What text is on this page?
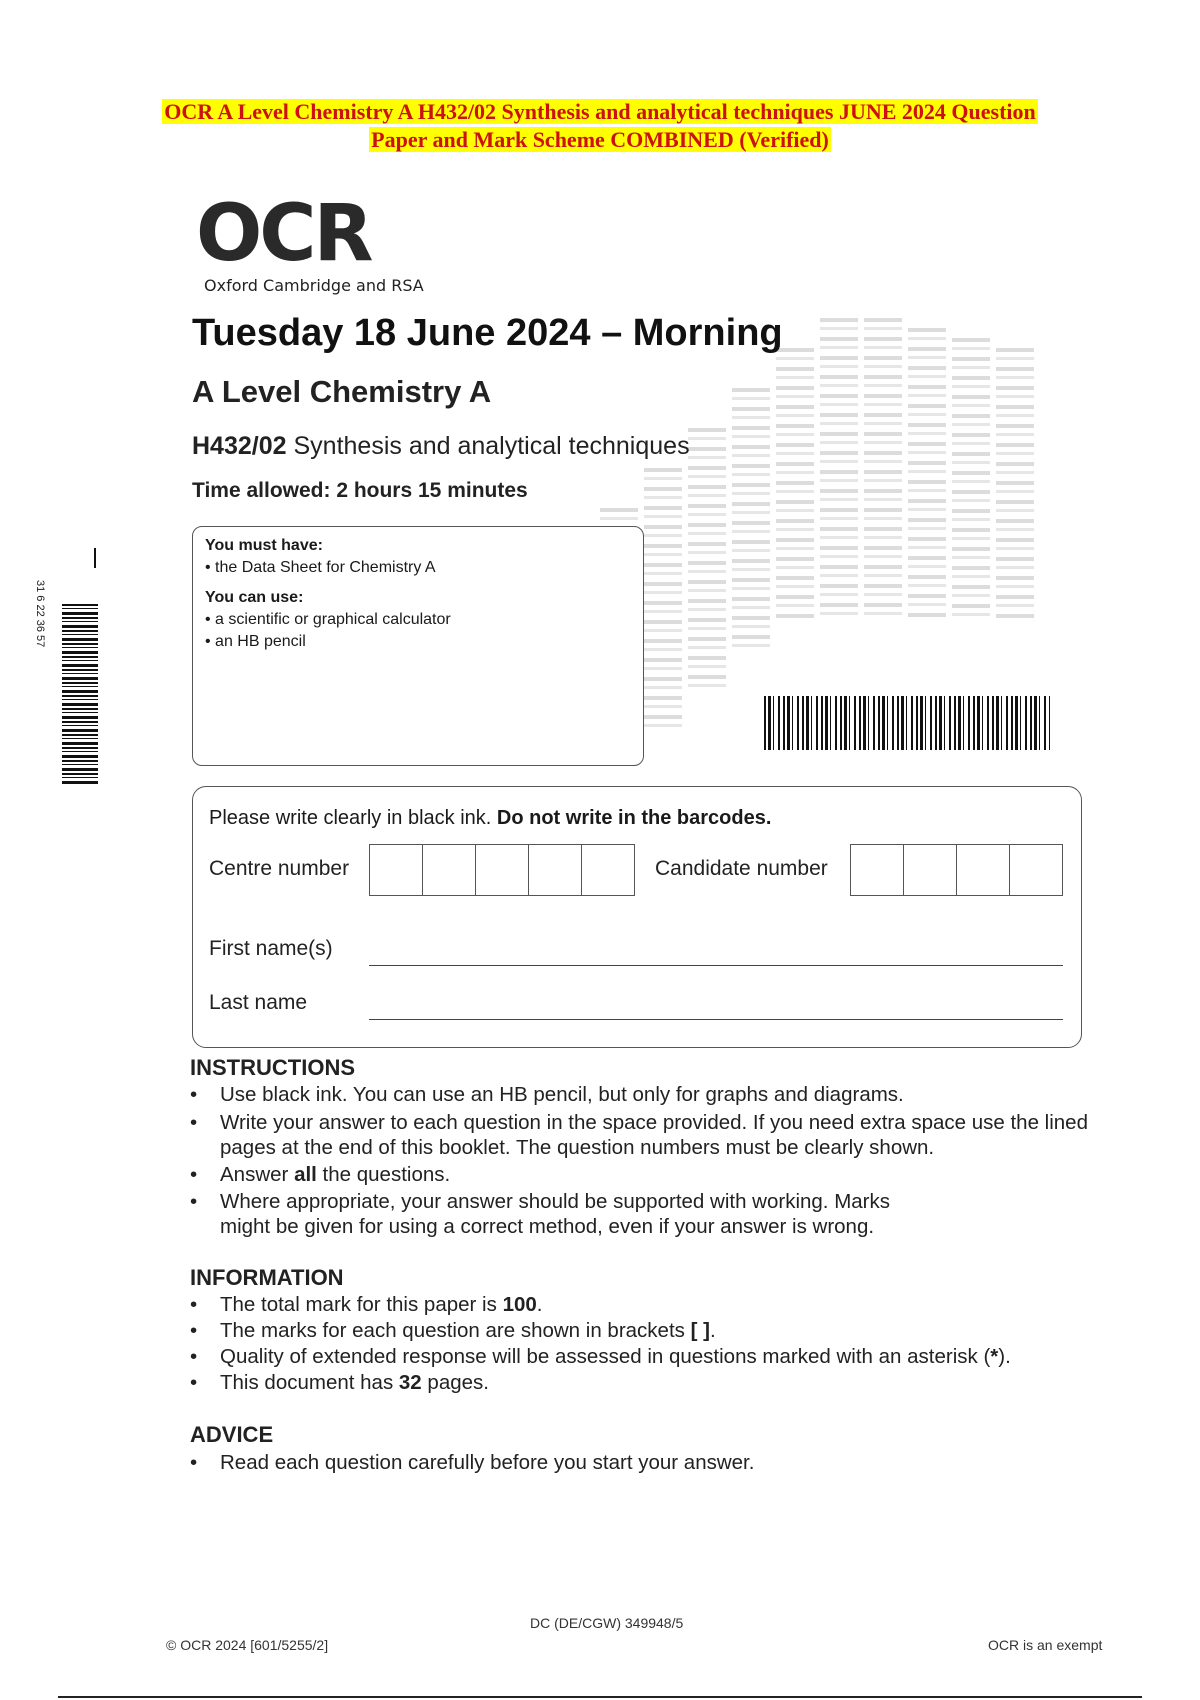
OCR A Level Chemistry A H432/02 Synthesis and analytical techniques JUNE 2024 Question
Paper and Mark Scheme COMBINED (Verified)
OCR
Oxford Cambridge and RSA
Tuesday 18 June 2024 – Morning
A Level Chemistry A
H432/02 Synthesis and analytical techniques
Time allowed: 2 hours 15 minutes
You must have:
• the Data Sheet for Chemistry A
You can use:
• a scientific or graphical calculator
• an HB pencil
31 6 22 36 57
Please write clearly in black ink. Do not write in the barcodes.
Centre number	Candidate number
First name(s)
Last name
INSTRUCTIONS
• Use black ink. You can use an HB pencil, but only for graphs and diagrams.
• Write your answer to each question in the space provided. If you need extra space use the lined pages at the end of this booklet. The question numbers must be clearly shown.
• Answer all the questions.
• Where appropriate, your answer should be supported with working. Marks might be given for using a correct method, even if your answer is wrong.
INFORMATION
• The total mark for this paper is 100.
• The marks for each question are shown in brackets [ ].
• Quality of extended response will be assessed in questions marked with an asterisk (*).
• This document has 32 pages.
ADVICE
• Read each question carefully before you start your answer.
DC (DE/CGW) 349948/5
© OCR 2024 [601/5255/2]	OCR is an exempt
